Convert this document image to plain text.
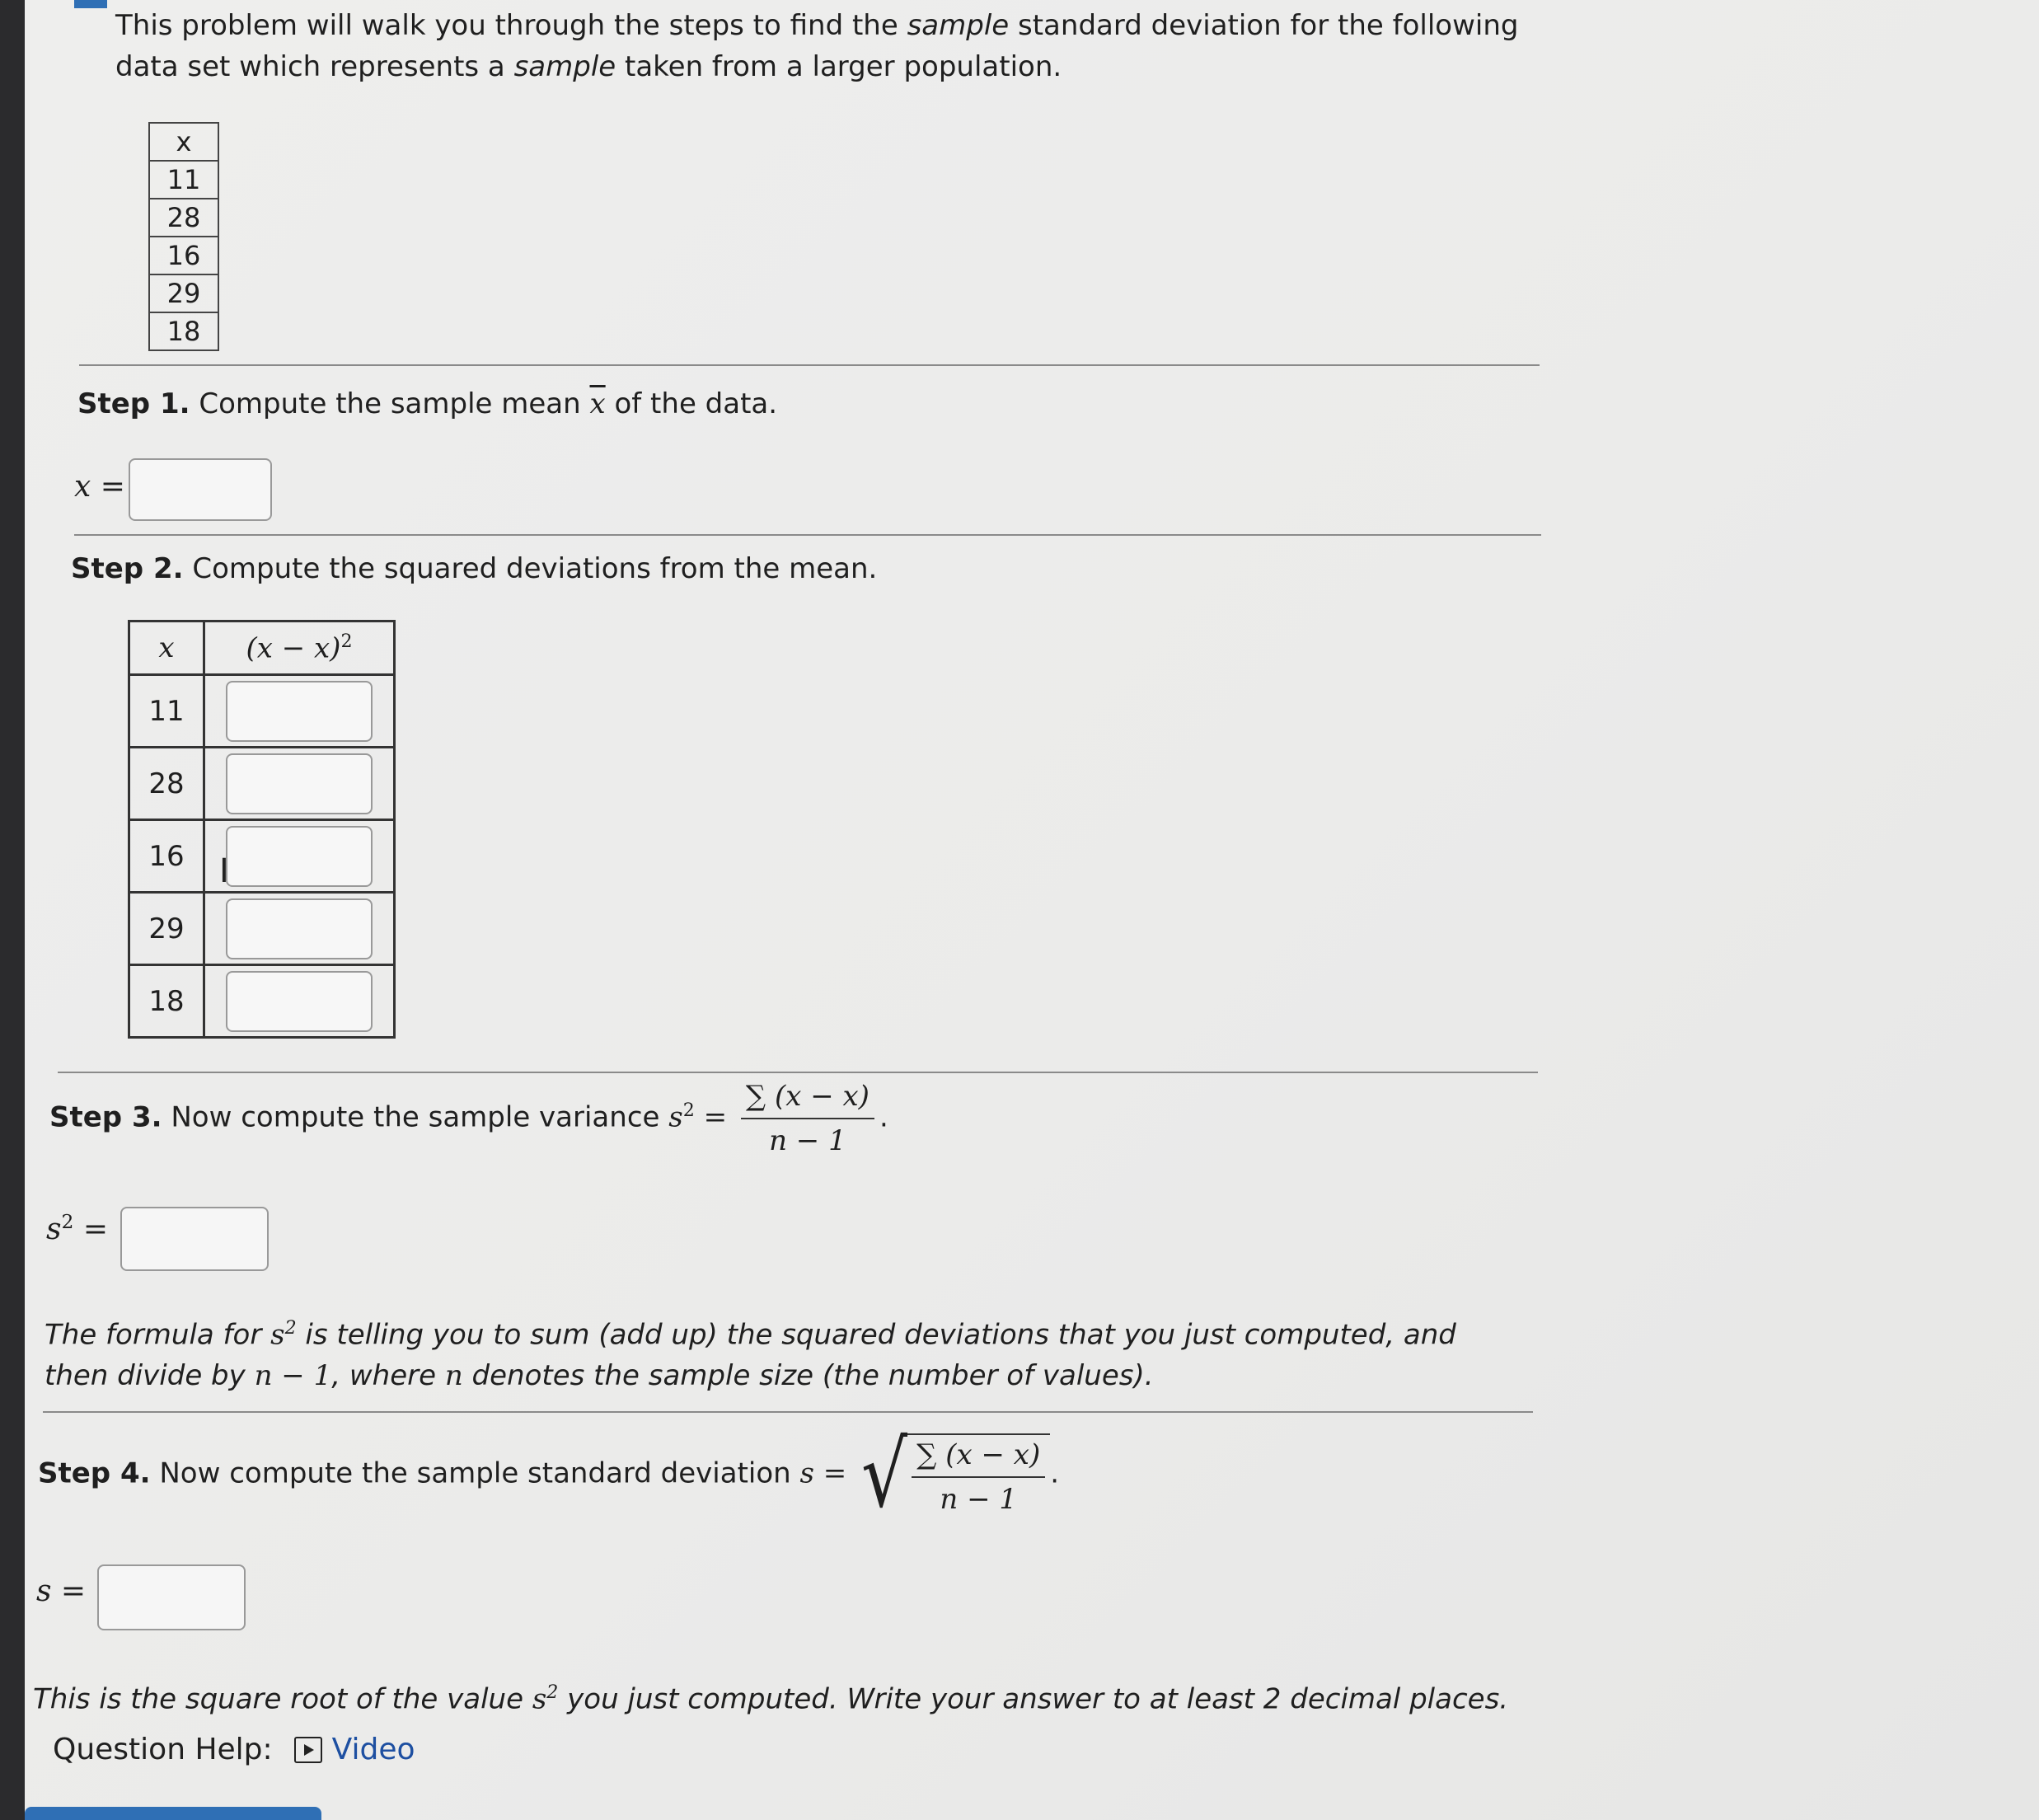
This problem will walk you through the steps to find the sample standard deviation for the following data set which represents a sample taken from a larger population.
x
11
28
16
29
18
Step 1. Compute the sample mean $\overline{x}$ of the data.
x =
Step 2. Compute the squared deviations from the mean.
x	$(x - x)^2$
11	
28	
16	
29	
18	
I
Step 3. Now compute the sample variance $s^2 = \frac{\sum (x - x)}{n - 1}$ .
$s^2$ =
The formula for $s^2$ is telling you to sum (add up) the squared deviations that you just computed, and then divide by n − 1, where n denotes the sample size (the number of values).
Step 4. Now compute the sample standard deviation s = √ $\frac{\sum (x - x)}{n - 1}$ .
s =
This is the square root of the value $s^2$ you just computed. Write your answer to at least 2 decimal places.
Question Help: Video
